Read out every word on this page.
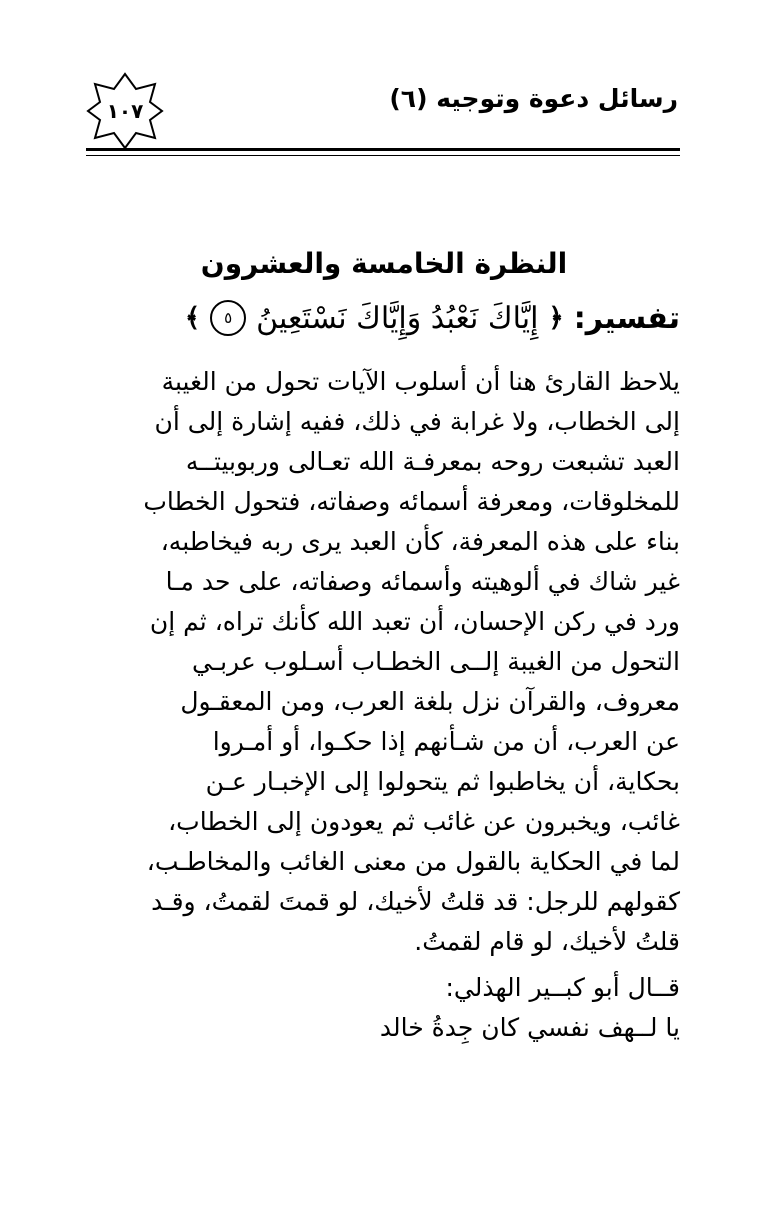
رسائل دعوة وتوجيه (٦)
١٠٧
النظرة الخامسة والعشرون
تفسير:
﴿
إِيَّاكَ نَعْبُدُ وَإِيَّاكَ نَسْتَعِينُ
٥
﴾
يلاحظ القارئ هنا أن أسلوب الآيات تحول من الغيبة
إلى الخطاب، ولا غرابة في ذلك، ففيه إشارة إلى أن
العبد تشبعت روحه بمعرفـة الله تعـالى وربوبيتــه
للمخلوقات، ومعرفة أسمائه وصفاته، فتحول الخطاب
بناء على هذه المعرفة، كأن العبد يرى ربه فيخاطبه،
غير شاك في ألوهيته وأسمائه وصفاته، على حد مـا
ورد في ركن الإحسان، أن تعبد الله كأنك تراه، ثم إن
التحول من الغيبة إلــى الخطـاب أسـلوب عربـي
معروف، والقرآن نزل بلغة العرب، ومن المعقـول
عن العرب، أن من شـأنهم إذا حكـوا، أو أمـروا
بحكاية، أن يخاطبوا ثم يتحولوا إلى الإخبـار عـن
غائب، ويخبرون عن غائب ثم يعودون إلى الخطاب،
لما في الحكاية بالقول من معنى الغائب والمخاطـب،
كقولهم للرجل: قد قلتُ لأخيك، لو قمتَ لقمتُ، وقـد
قلتُ لأخيك، لو قام لقمتُ.
قــال أبو كبــير الهذلي:
يا لــهف نفسي كان جِدةُ خالد
